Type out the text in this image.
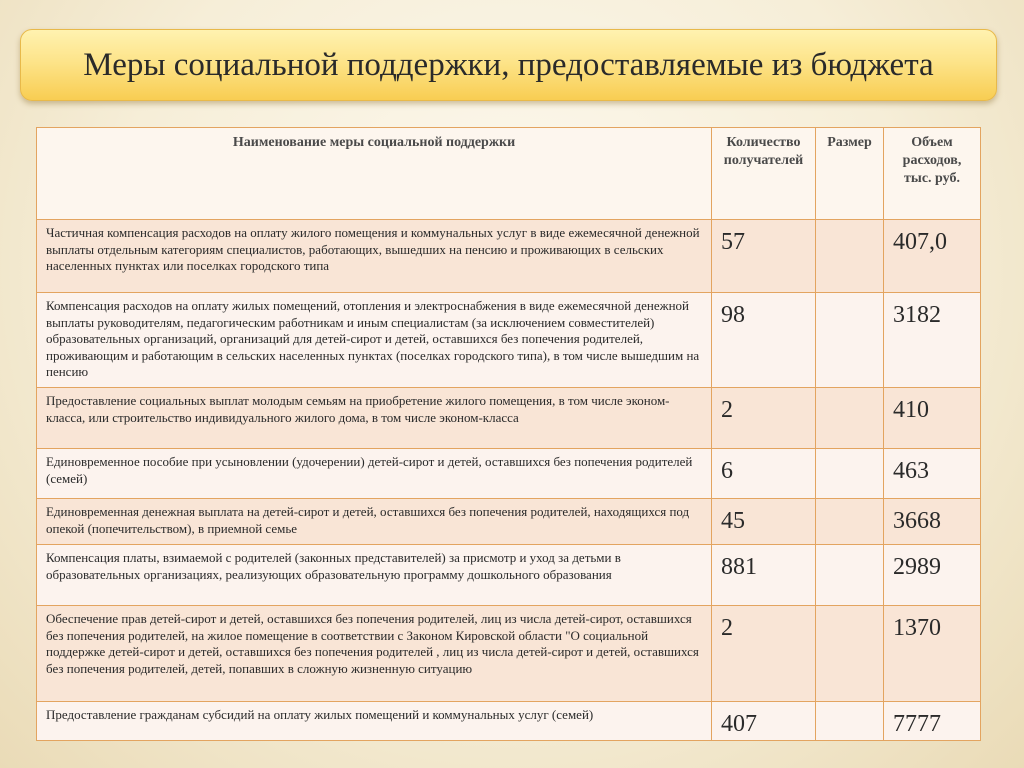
Меры социальной поддержки, предоставляемые из бюджета
Наименование меры социальной поддержки	Количество получателей	Размер	Объем расходов, тыс. руб.
Частичная компенсация расходов на оплату жилого помещения и коммунальных услуг в виде ежемесячной денежной выплаты отдельным категориям специалистов, работающих, вышедших на пенсию и проживающих в сельских населенных пунктах или поселках городского типа	57		407,0
Компенсация расходов на оплату жилых помещений, отопления и электроснабжения в виде ежемесячной денежной выплаты руководителям, педагогическим работникам и иным специалистам (за исключением совместителей) образовательных организаций, организаций для детей-сирот и детей, оставшихся без попечения родителей, проживающим и работающим в сельских населенных пунктах (поселках городского типа), в том числе вышедшим на пенсию	98		3182
Предоставление социальных выплат молодым семьям на приобретение жилого помещения, в том числе эконом-класса, или строительство индивидуального жилого дома, в том числе эконом-класса	2		410
Единовременное пособие при усыновлении (удочерении) детей-сирот и детей, оставшихся без попечения родителей (семей)	6		463
Единовременная денежная выплата на детей-сирот и детей, оставшихся без попечения родителей, находящихся под опекой (попечительством), в приемной семье	45		3668
Компенсация платы, взимаемой с родителей (законных представителей) за присмотр и уход за детьми в образовательных организациях, реализующих образовательную программу дошкольного образования	881		2989
Обеспечение прав детей-сирот и детей, оставшихся без попечения родителей, лиц из числа детей-сирот, оставшихся без попечения родителей, на жилое помещение в соответствии с Законом Кировской области "О социальной поддержке детей-сирот и детей, оставшихся без попечения родителей , лиц из числа детей-сирот и детей, оставшихся без попечения родителей, детей, попавших в сложную жизненную ситуацию	2		1370
Предоставление гражданам субсидий на оплату жилых помещений и коммунальных услуг (семей)	407		7777
